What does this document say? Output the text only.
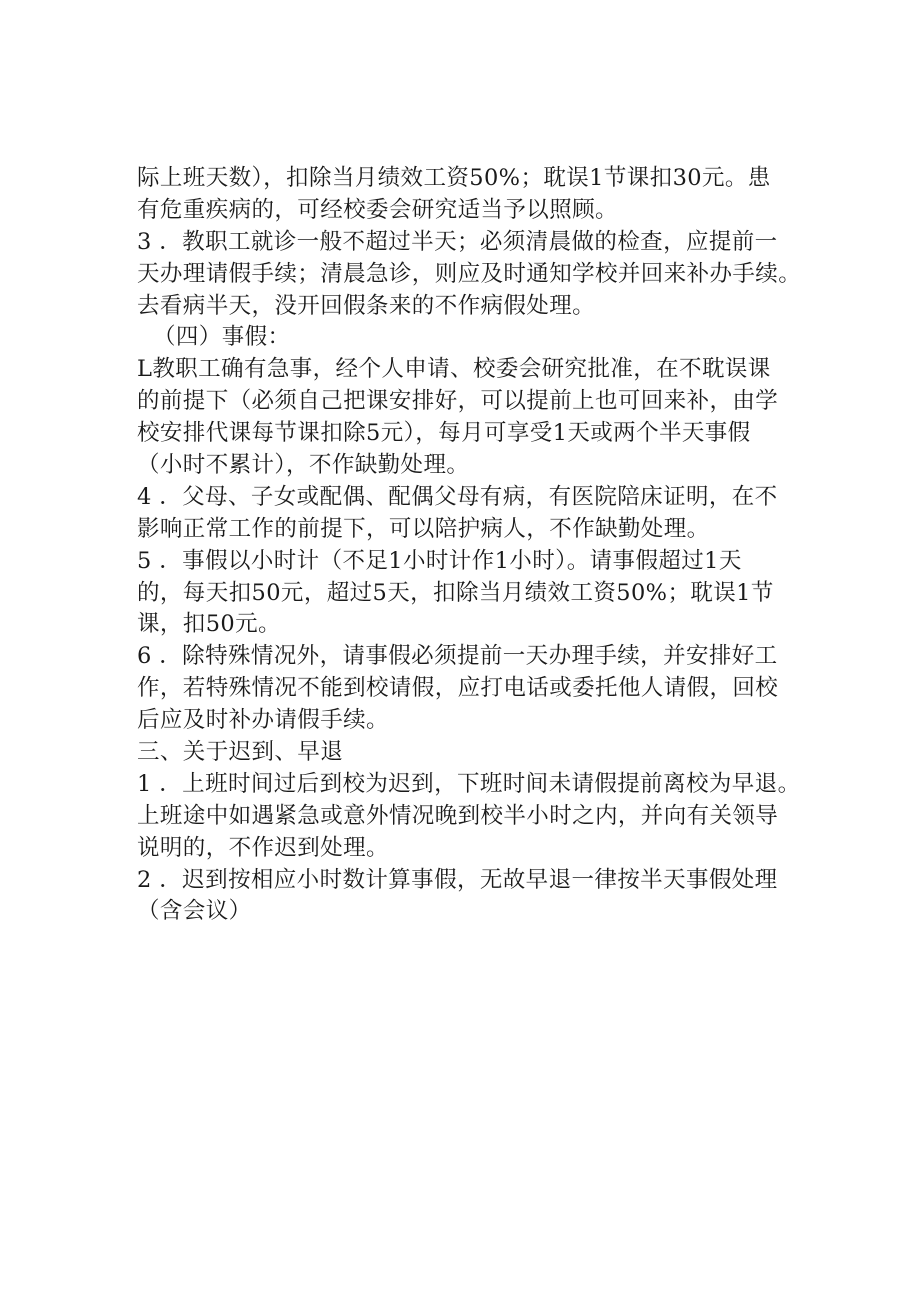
际上班天数），扣除当月绩效工资50%；耽误1节课扣30元。患
有危重疾病的，可经校委会研究适当予以照顾。
3 ．教职工就诊一般不超过半天；必须清晨做的检查，应提前一
天办理请假手续；清晨急诊，则应及时通知学校并回来补办手续。
去看病半天，没开回假条来的不作病假处理。
（四）事假：
L教职工确有急事，经个人申请、校委会研究批准，在不耽误课
的前提下（必须自己把课安排好，可以提前上也可回来补，由学
校安排代课每节课扣除5元），每月可享受1天或两个半天事假
（小时不累计），不作缺勤处理。
4 ．父母、子女或配偶、配偶父母有病，有医院陪床证明，在不
影响正常工作的前提下，可以陪护病人，不作缺勤处理。
5 ．事假以小时计（不足1小时计作1小时）。请事假超过1天
的，每天扣50元，超过5天，扣除当月绩效工资50%；耽误1节
课，扣50元。
6 ．除特殊情况外，请事假必须提前一天办理手续，并安排好工
作，若特殊情况不能到校请假，应打电话或委托他人请假，回校
后应及时补办请假手续。
三、关于迟到、早退
1 ．上班时间过后到校为迟到，下班时间未请假提前离校为早退。
上班途中如遇紧急或意外情况晚到校半小时之内，并向有关领导
说明的，不作迟到处理。
2 ．迟到按相应小时数计算事假，无故早退一律按半天事假处理
（含会议）
